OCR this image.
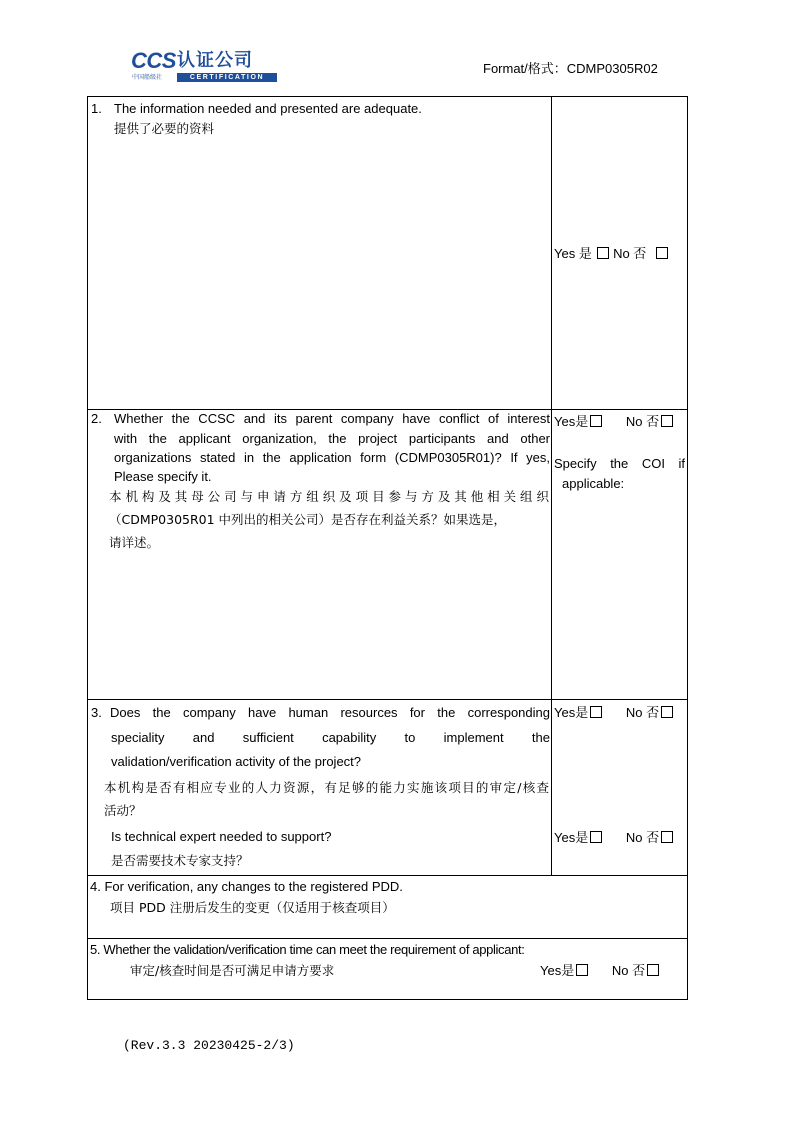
CCS 认证公司
中国船级社	CERTIFICATION
Format/格式：CDMP0305R02
1. The information needed and presented are adequate.
提供了必要的资料
Yes 是 No 否
2. Whether the CCSC and its parent company have conflict of interest
with the applicant organization, the project participants and other
organizations stated in the application form (CDMP0305R01)? If yes,
Please specify it.
本机构及其母公司与申请方组织及项目参与方及其他相关组织
（CDMP0305R01 中列出的相关公司）是否存在利益关系？如果选是，
请详述。
Yes是	No 否
Specify the COI if
applicable:
3. Does the company have human resources for the corresponding
speciality and sufficient capability to implement the
validation/verification activity of the project?
本机构是否有相应专业的人力资源，有足够的能力实施该项目的审定/核查
活动？
Is technical expert needed to support?
是否需要技术专家支持？
Yes是	No 否
Yes是	No 否
4. For verification, any changes to the registered PDD.
项目 PDD 注册后发生的变更（仅适用于核查项目）
5. Whether the validation/verification time can meet the requirement of applicant:
审定/核查时间是否可满足申请方要求	Yes是	No 否
(Rev.3.3 20230425-2/3)
